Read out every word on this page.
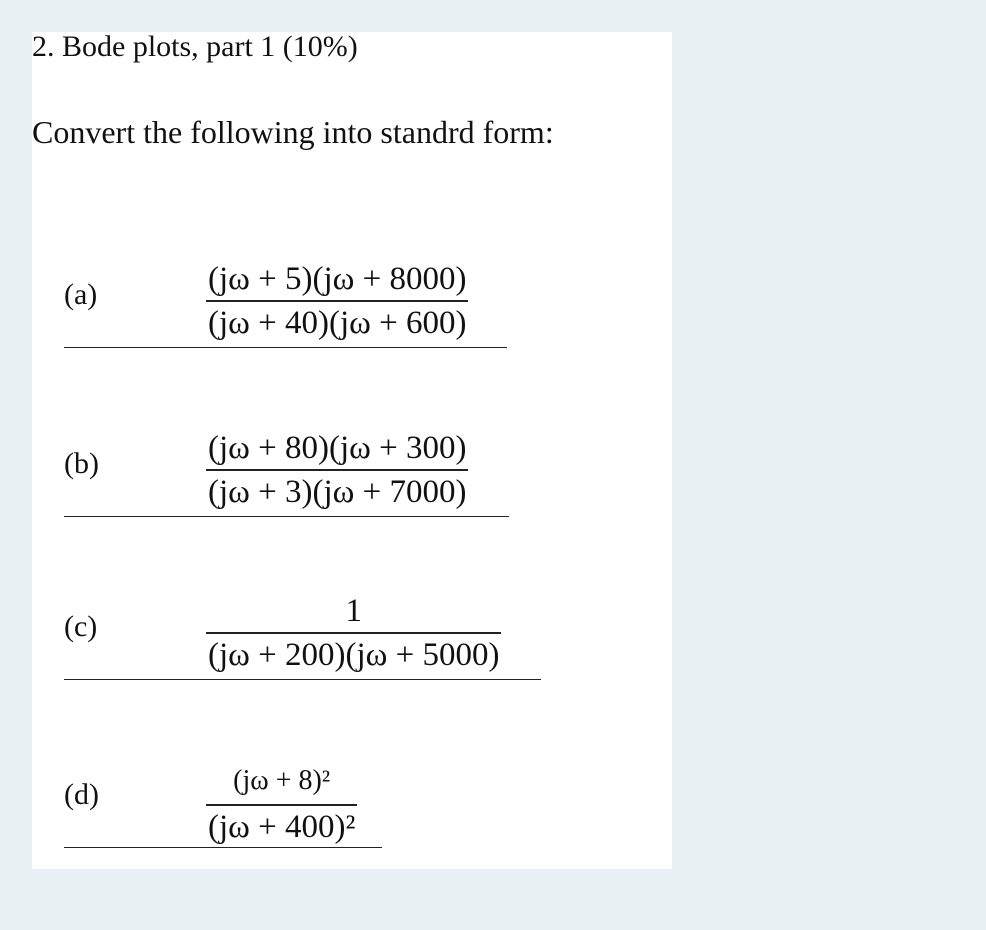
2. Bode plots, part 1 (10%)

Convert the following into standrd form:

(a)	(jω + 5)(jω + 8000)
(jω + 40)(jω + 600)
(b)	(jω + 80)(jω + 300)
(jω + 3)(jω + 7000)
(c)	1
(jω + 200)(jω + 5000)
(d)	(jω + 8)²
(jω + 400)²
